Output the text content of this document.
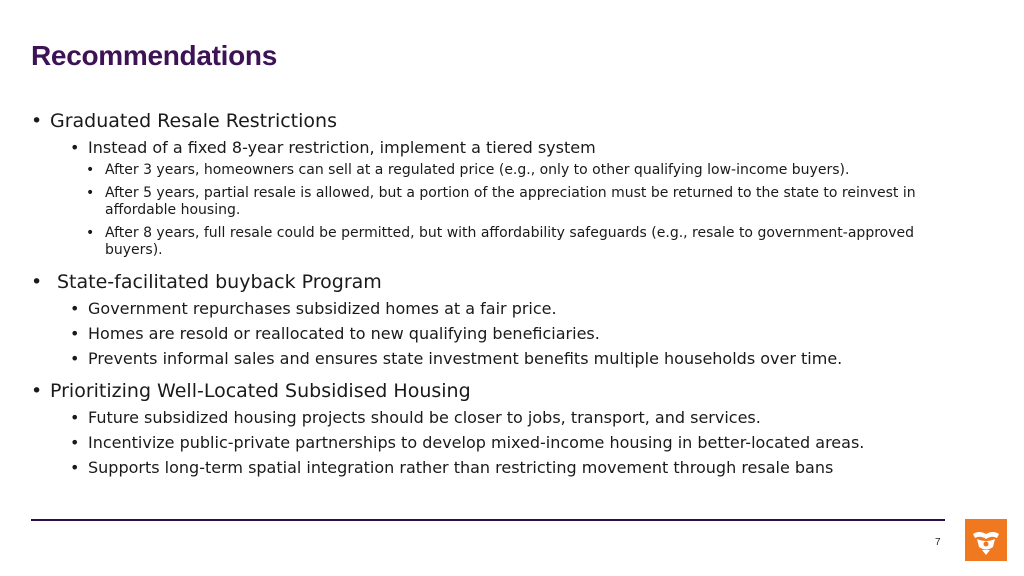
Recommendations
• Graduated Resale Restrictions
• Instead of a fixed 8-year restriction, implement a tiered system
• After 3 years, homeowners can sell at a regulated price (e.g., only to other qualifying low-income buyers).
• After 5 years, partial resale is allowed, but a portion of the appreciation must be returned to the state to reinvest in affordable housing.
• After 8 years, full resale could be permitted, but with affordability safeguards (e.g., resale to government-approved buyers).
• State-facilitated buyback Program
• Government repurchases subsidized homes at a fair price.
• Homes are resold or reallocated to new qualifying beneficiaries.
• Prevents informal sales and ensures state investment benefits multiple households over time.
• Prioritizing Well-Located Subsidised Housing
• Future subsidized housing projects should be closer to jobs, transport, and services.
• Incentivize public-private partnerships to develop mixed-income housing in better-located areas.
• Supports long-term spatial integration rather than restricting movement through resale bans
7
